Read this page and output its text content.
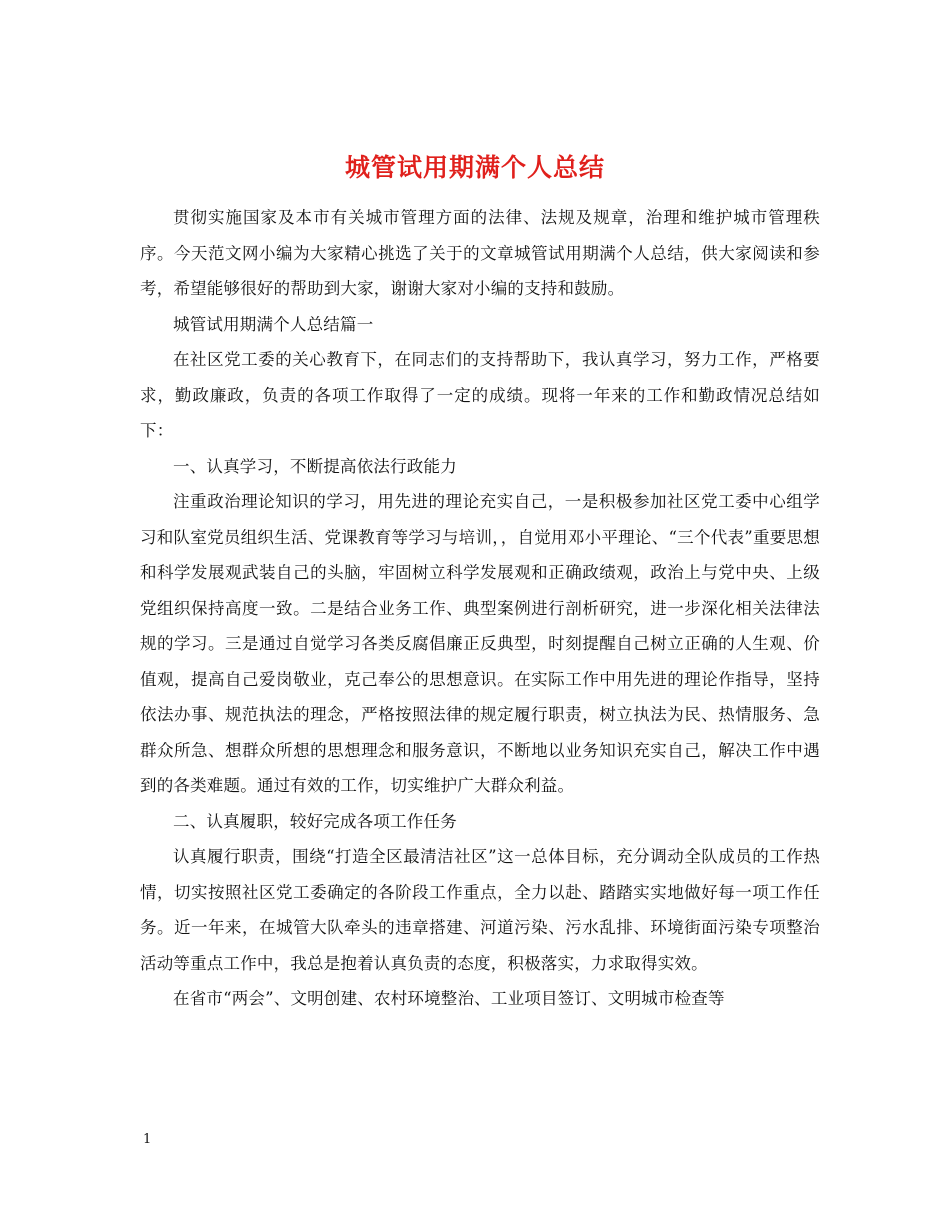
城管试用期满个人总结

贯彻实施国家及本市有关城市管理方面的法律、法规及规章，治理和维护城市管理秩序。今天范文网小编为大家精心挑选了关于的文章城管试用期满个人总结，供大家阅读和参考，希望能够很好的帮助到大家，谢谢大家对小编的支持和鼓励。

城管试用期满个人总结篇一

在社区党工委的关心教育下，在同志们的支持帮助下，我认真学习，努力工作，严格要求，勤政廉政，负责的各项工作取得了一定的成绩。现将一年来的工作和勤政情况总结如下：

一、认真学习，不断提高依法行政能力

注重政治理论知识的学习，用先进的理论充实自己，一是积极参加社区党工委中心组学习和队室党员组织生活、党课教育等学习与培训，，自觉用邓小平理论、“三个代表”重要思想和科学发展观武装自己的头脑，牢固树立科学发展观和正确政绩观，政治上与党中央、上级党组织保持高度一致。二是结合业务工作、典型案例进行剖析研究，进一步深化相关法律法规的学习。三是通过自觉学习各类反腐倡廉正反典型，时刻提醒自己树立正确的人生观、价值观，提高自己爱岗敬业，克己奉公的思想意识。在实际工作中用先进的理论作指导，坚持依法办事、规范执法的理念，严格按照法律的规定履行职责，树立执法为民、热情服务、急群众所急、想群众所想的思想理念和服务意识，不断地以业务知识充实自己，解决工作中遇到的各类难题。通过有效的工作，切实维护广大群众利益。

二、认真履职，较好完成各项工作任务

认真履行职责，围绕“打造全区最清洁社区”这一总体目标，充分调动全队成员的工作热情，切实按照社区党工委确定的各阶段工作重点，全力以赴、踏踏实实地做好每一项工作任务。近一年来，在城管大队牵头的违章搭建、河道污染、污水乱排、环境街面污染专项整治活动等重点工作中，我总是抱着认真负责的态度，积极落实，力求取得实效。

在省市“两会”、文明创建、农村环境整治、工业项目签订、文明城市检查等

1
